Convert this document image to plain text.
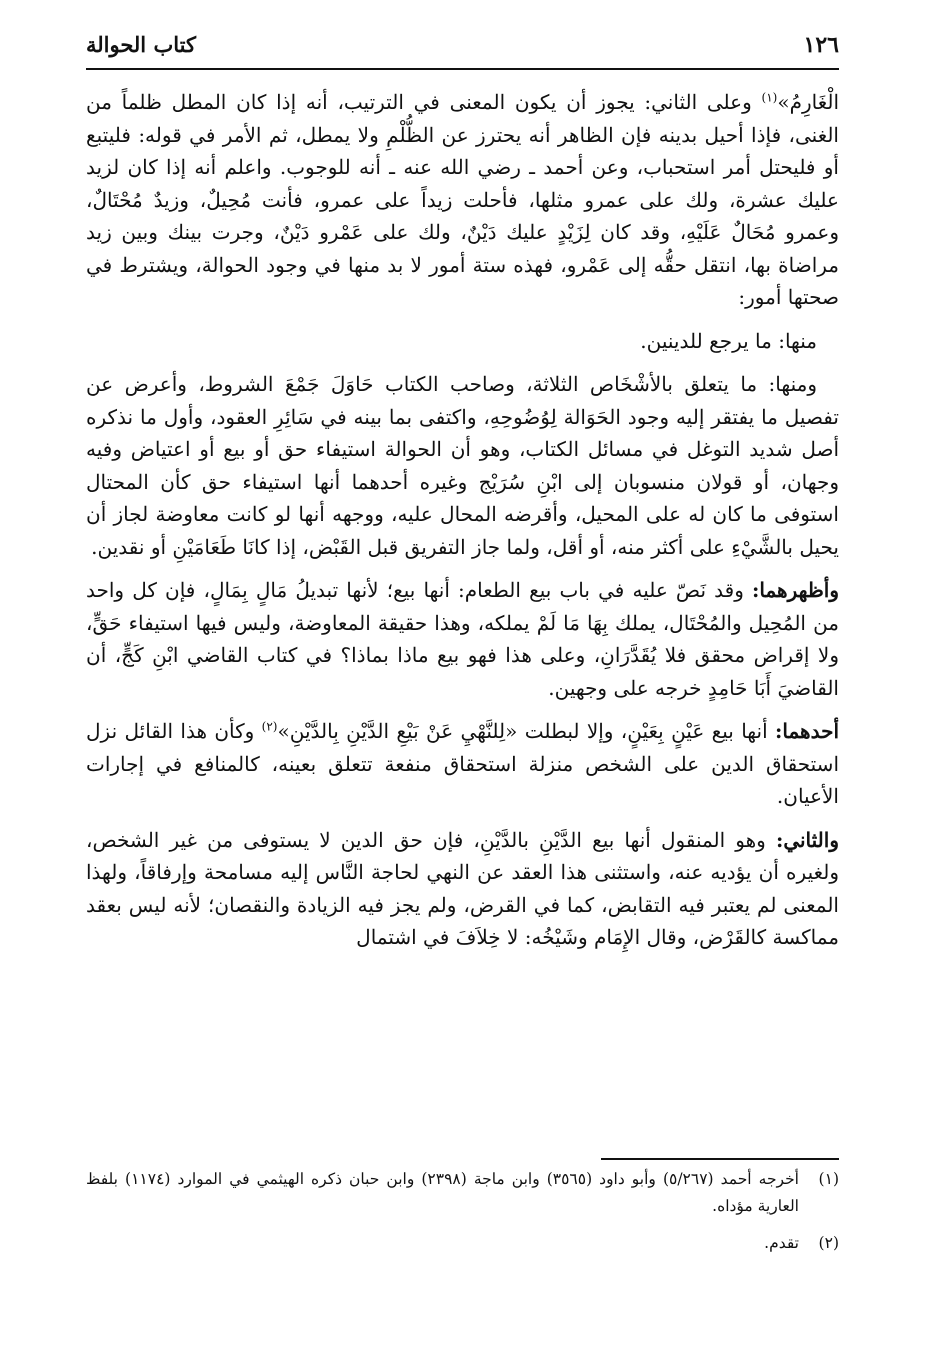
١٢٦
كتاب الحوالة

الْغَارِمُ»$^{(١)}$ وعلى الثاني: يجوز أن يكون المعنى في الترتيب، أنه إذا كان المطل ظلماً من الغنى، فإذا أحيل بدينه فإن الظاهر أنه يحترز عن الظُّلْمِ ولا يمطل، ثم الأمر في قوله: فليتبع أو فليحتل أمر استحباب، وعن أحمد ـ رضي الله عنه ـ أنه للوجوب. واعلم أنه إذا كان لزيد عليك عشرة، ولك على عمرو مثلها، فأحلت زيداً على عمرو، فأنت مُحِيلٌ، وزيدٌ مُحْتَالٌ، وعمرو مُحَالٌ عَلَيْهِ، وقد كان لِزَيْدٍ عليك دَيْنٌ، ولك على عَمْرو دَيْنٌ، وجرت بينك وبين زيد مراضاة بها، انتقل حقُّه إلى عَمْرو، فهذه ستة أمور لا بد منها في وجود الحوالة، ويشترط في صحتها أمور:

منها: ما يرجع للدينين.

ومنها: ما يتعلق بالأشْخَاص الثلاثة، وصاحب الكتاب حَاوَلَ جَمْعَ الشروط، وأعرض عن تفصيل ما يفتقر إليه وجود الحَوَالة لِوُضُوحِهِ، واكتفى بما بينه في سَائِرِ العقود، وأول ما نذكره أصل شديد التوغل في مسائل الكتاب، وهو أن الحوالة استيفاء حق أو بيع أو اعتياض وفيه وجهان، أو قولان منسوبان إلى ابْنِ سُرَيْج وغيره أحدهما أنها استيفاء حق كأن المحتال استوفى ما كان له على المحيل، وأقرضه المحال عليه، ووجهه أنها لو كانت معاوضة لجاز أن يحيل بالشَّيْءِ على أكثر منه، أو أقل، ولما جاز التفريق قبل القَبْض، إذا كانَا طَعَامَيْنِ أو نقدين.

وأظهرهما: وقد نَصّ عليه في باب بيع الطعام: أنها بيع؛ لأنها تبديلُ مَالٍ بِمَالٍ، فإن كل واحد من المُحِيل والمُحْتَال، يملك بِهَا مَا لَمْ يملكه، وهذا حقيقة المعاوضة، وليس فيها استيفاء حَقٍّ، ولا إقراض محقق فلا يُقَدَّرَانِ، وعلى هذا فهو بيع ماذا بماذا؟ في كتاب القاضي ابْنِ كَجٍّ، أن القاضيَ أَبَا حَامِدٍ خرجه على وجهين.

أحدهما: أنها بيع عَيْنٍ بِعَيْنٍ، وإلا لبطلت «لِلنَّهْيِ عَنْ بَيْعِ الدَّيْنِ بِالدَّيْنِ»$^{(٢)}$ وكأن هذا القائل نزل استحقاق الدين على الشخص منزلة استحقاق منفعة تتعلق بعينه، كالمنافع في إجارات الأعيان.

والثاني: وهو المنقول أنها بيع الدَّيْنِ بالدَّيْنِ، فإن حق الدين لا يستوفى من غير الشخص، ولغيره أن يؤديه عنه، واستثنى هذا العقد عن النهي لحاجة النَّاس إليه مسامحة وإرفاقاً، ولهذا المعنى لم يعتبر فيه التقابض، كما في القرض، ولم يجز فيه الزيادة والنقصان؛ لأنه ليس بعقد مماكسة كالقَرْض، وقال الإِمَام وشَيْخُه: لا خِلاَفَ في اشتمال

(١)
أخرجه أحمد (٥/٢٦٧) وأبو داود (٣٥٦٥) وابن ماجة (٢٣٩٨) وابن حبان ذكره الهيثمي في الموارد (١١٧٤) بلفظ العارية مؤداه.
(٢)
تقدم.
